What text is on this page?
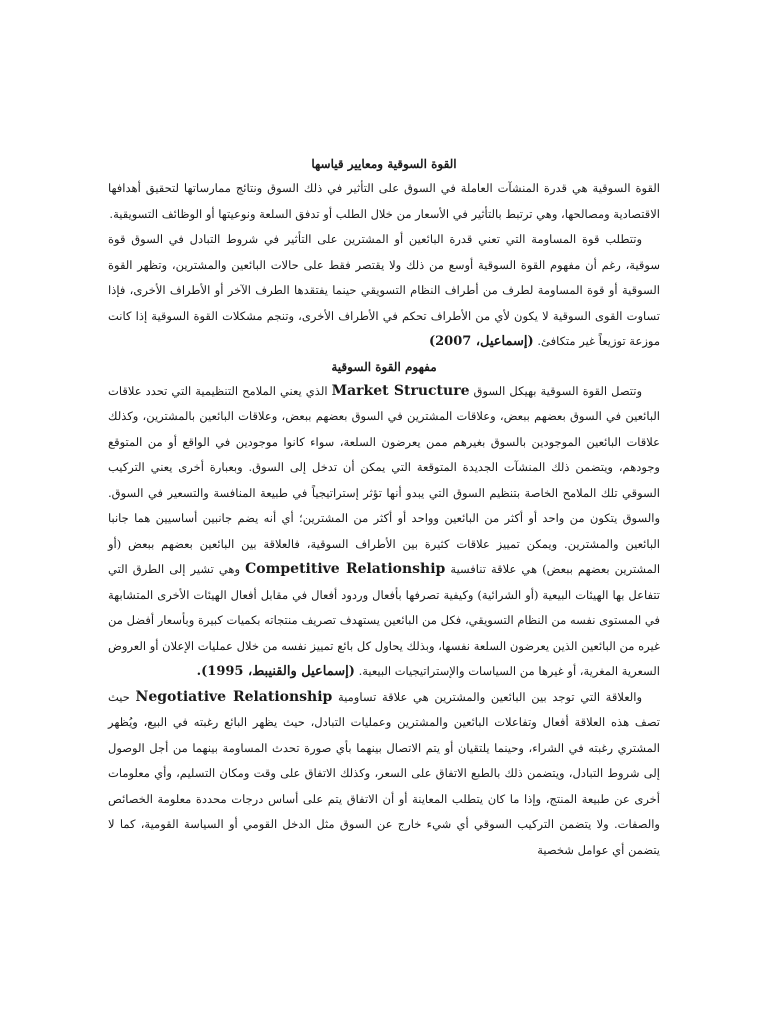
القوة السوقية ومعايير قياسها

القوة السوقية هي قدرة المنشآت العاملة في السوق على التأثير في ذلك السوق ونتائج ممارساتها لتحقيق أهدافها الاقتصادية ومصالحها، وهي ترتبط بالتأثير في الأسعار من خلال الطلب أو تدفق السلعة ونوعيتها أو الوظائف التسويقية.

وتتطلب قوة المساومة التي تعني قدرة البائعين أو المشترين على التأثير في شروط التبادل في السوق قوة سوقية، رغم أن مفهوم القوة السوقية أوسع من ذلك ولا يقتصر فقط على حالات البائعين والمشترين، وتظهر القوة السوقية أو قوة المساومة لطرف من أطراف النظام التسويقي حينما يفتقدها الطرف الآخر أو الأطراف الأخرى، فإذا تساوت القوى السوقية لا يكون لأي من الأطراف تحكم في الأطراف الأخرى، وتنجم مشكلات القوة السوقية إذا كانت موزعة توزيعاً غير متكافئ. (إسماعيل، 2007)

مفهوم القوة السوقية

وتتصل القوة السوقية بهيكل السوق Market Structure الذي يعني الملامح التنظيمية التي تحدد علاقات البائعين في السوق بعضهم ببعض، وعلاقات المشترين في السوق بعضهم ببعض، وعلاقات البائعين بالمشترين، وكذلك علاقات البائعين الموجودين بالسوق بغيرهم ممن يعرضون السلعة، سواء كانوا موجودين في الواقع أو من المتوقع وجودهم، ويتضمن ذلك المنشآت الجديدة المتوقعة التي يمكن أن تدخل إلى السوق. وبعبارة أخرى يعني التركيب السوقي تلك الملامح الخاصة بتنظيم السوق التي يبدو أنها تؤثر إستراتيجياً في طبيعة المنافسة والتسعير في السوق. والسوق يتكون من واحد أو أكثر من البائعين وواحد أو أكثر من المشترين؛ أي أنه يضم جانبين أساسيين هما جانبا البائعين والمشترين. ويمكن تمييز علاقات كثيرة بين الأطراف السوقية، فالعلاقة بين البائعين بعضهم ببعض (أو المشترين بعضهم ببعض) هي علاقة تنافسية Competitive Relationship وهي تشير إلى الطرق التي تتفاعل بها الهيئات البيعية (أو الشرائية) وكيفية تصرفها بأفعال وردود أفعال في مقابل أفعال الهيئات الأخرى المتشابهة في المستوى نفسه من النظام التسويقي، فكل من البائعين يستهدف تصريف منتجاته بكميات كبيرة وبأسعار أفضل من غيره من البائعين الذين يعرضون السلعة نفسها، وبذلك يحاول كل بائع تمييز نفسه من خلال عمليات الإعلان أو العروض السعرية المغرية، أو غيرها من السياسات والإستراتيجيات البيعية. (إسماعيل والقنيبط، 1995).

والعلاقة التي توجد بين البائعين والمشترين هي علاقة تساومية Negotiative Relationship حيث تصف هذه العلاقة أفعال وتفاعلات البائعين والمشترين وعمليات التبادل، حيث يظهر البائع رغبته في البيع، ويُظهر المشتري رغبته في الشراء، وحينما يلتقيان أو يتم الاتصال بينهما بأي صورة تحدث المساومة بينهما من أجل الوصول إلى شروط التبادل، ويتضمن ذلك بالطبع الاتفاق على السعر، وكذلك الاتفاق على وقت ومكان التسليم، وأي معلومات أخرى عن طبيعة المنتج، وإذا ما كان يتطلب المعاينة أو أن الاتفاق يتم على أساس درجات محددة معلومة الخصائص والصفات. ولا يتضمن التركيب السوقي أي شيء خارج عن السوق مثل الدخل القومي أو السياسة القومية، كما لا يتضمن أي عوامل شخصية
